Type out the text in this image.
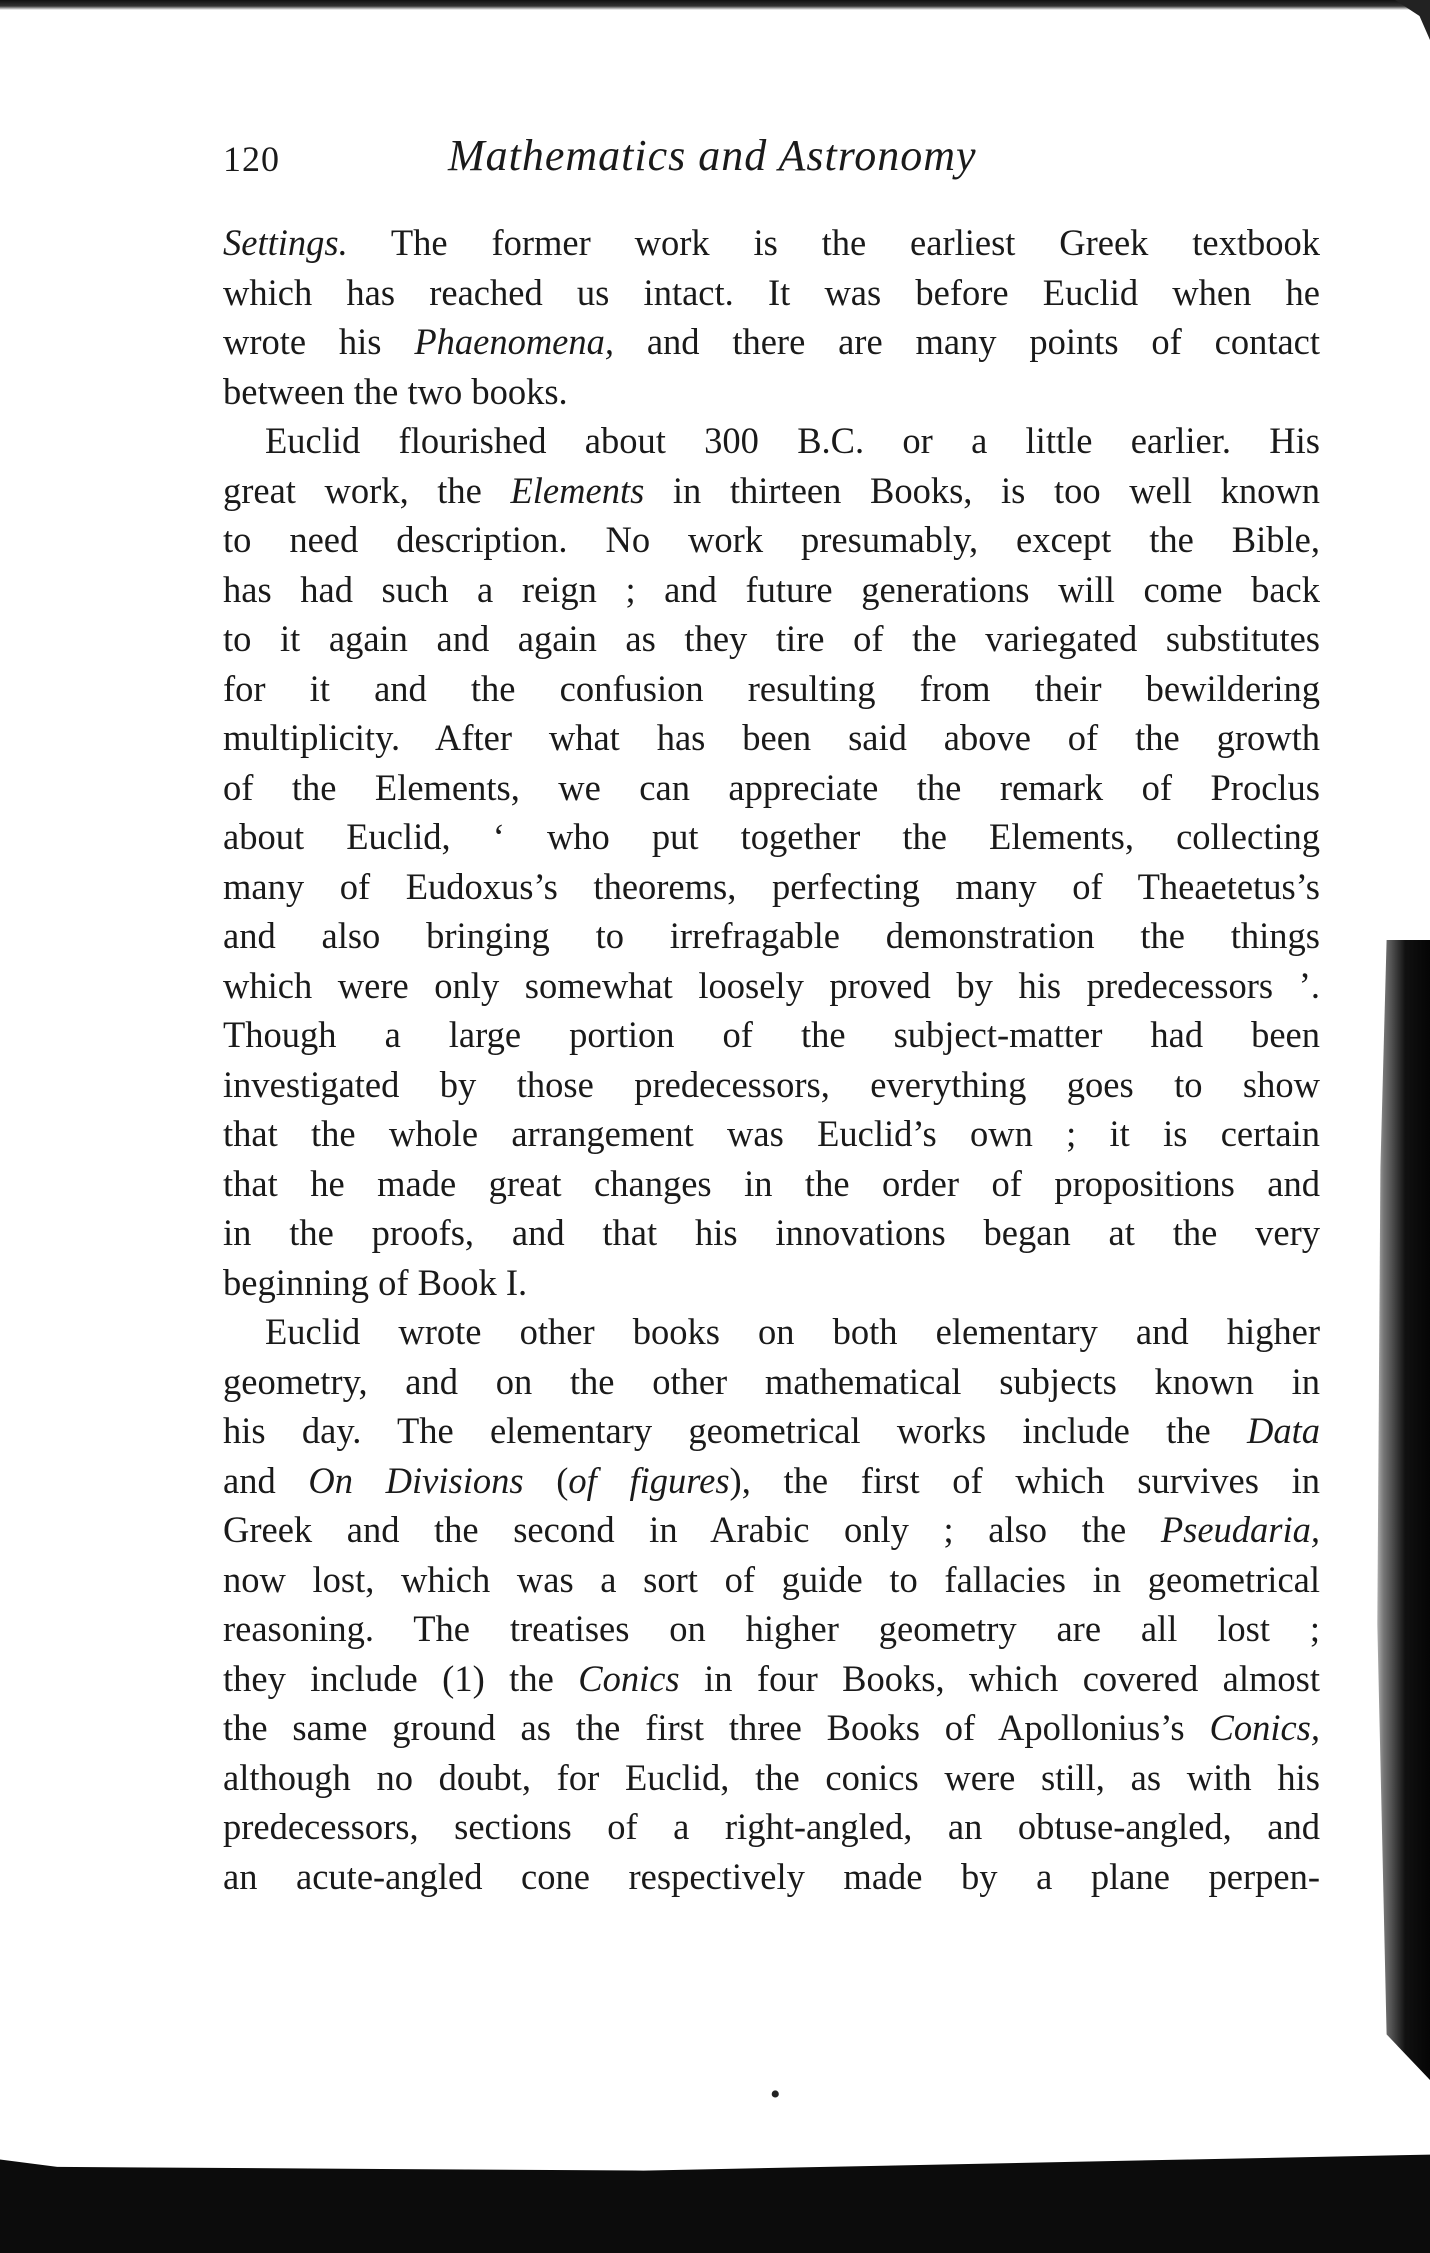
120	Mathematics and Astronomy
Settings. The former work is the earliest Greek textbook
which has reached us intact. It was before Euclid when he
wrote his Phaenomena, and there are many points of contact
between the two books.
Euclid flourished about 300 B.C. or a little earlier. His
great work, the Elements in thirteen Books, is too well known
to need description. No work presumably, except the Bible,
has had such a reign ; and future generations will come back
to it again and again as they tire of the variegated substitutes
for it and the confusion resulting from their bewildering
multiplicity. After what has been said above of the growth
of the Elements, we can appreciate the remark of Proclus
about Euclid, ‘ who put together the Elements, collecting
many of Eudoxus’s theorems, perfecting many of Theaetetus’s
and also bringing to irrefragable demonstration the things
which were only somewhat loosely proved by his predecessors ’.
Though a large portion of the subject-matter had been
investigated by those predecessors, everything goes to show
that the whole arrangement was Euclid’s own ; it is certain
that he made great changes in the order of propositions and
in the proofs, and that his innovations began at the very
beginning of Book I.
Euclid wrote other books on both elementary and higher
geometry, and on the other mathematical subjects known in
his day. The elementary geometrical works include the Data
and On Divisions (of figures), the first of which survives in
Greek and the second in Arabic only ; also the Pseudaria,
now lost, which was a sort of guide to fallacies in geometrical
reasoning. The treatises on higher geometry are all lost ;
they include (1) the Conics in four Books, which covered almost
the same ground as the first three Books of Apollonius’s Conics,
although no doubt, for Euclid, the conics were still, as with his
predecessors, sections of a right-angled, an obtuse-angled, and
an acute-angled cone respectively made by a plane perpen-
•
